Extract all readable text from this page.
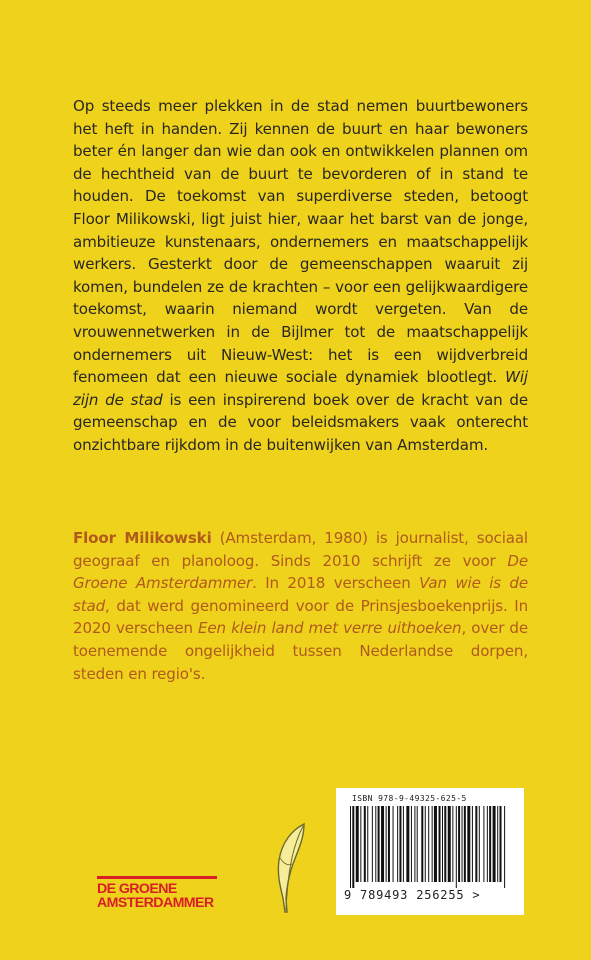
Op steeds meer plekken in de stad nemen buurtbewoners het heft in handen. Zij kennen de buurt en haar bewoners beter én langer dan wie dan ook en ontwikkelen plannen om de hechtheid van de buurt te bevorderen of in stand te houden. De toekomst van superdiverse steden, betoogt Floor Milikowski, ligt juist hier, waar het barst van de jonge, ambitieuze kunstenaars, ondernemers en maatschappelijk werkers. Gesterkt door de gemeenschappen waaruit zij komen, bundelen ze de krachten – voor een gelijkwaardigere toekomst, waarin niemand wordt vergeten. Van de vrouwennetwerken in de Bijlmer tot de maatschappelijk ondernemers uit Nieuw-West: het is een wijdverbreid fenomeen dat een nieuwe sociale dynamiek blootlegt. Wij zijn de stad is een inspirerend boek over de kracht van de gemeenschap en de voor beleidsmakers vaak onterecht onzichtbare rijkdom in de buitenwijken van Amsterdam.

Floor Milikowski (Amsterdam, 1980) is journalist, sociaal geograaf en planoloog. Sinds 2010 schrijft ze voor De Groene Amsterdammer. In 2018 verscheen Van wie is de stad, dat werd genomineerd voor de Prinsjesboekenprijs. In 2020 verscheen Een klein land met verre uithoeken, over de toenemende ongelijkheid tussen Nederlandse dorpen, steden en regio's.

DE GROENE
AMSTERDAMMER
ISBN 978-9-49325-625-5
9 789493 256255 >
